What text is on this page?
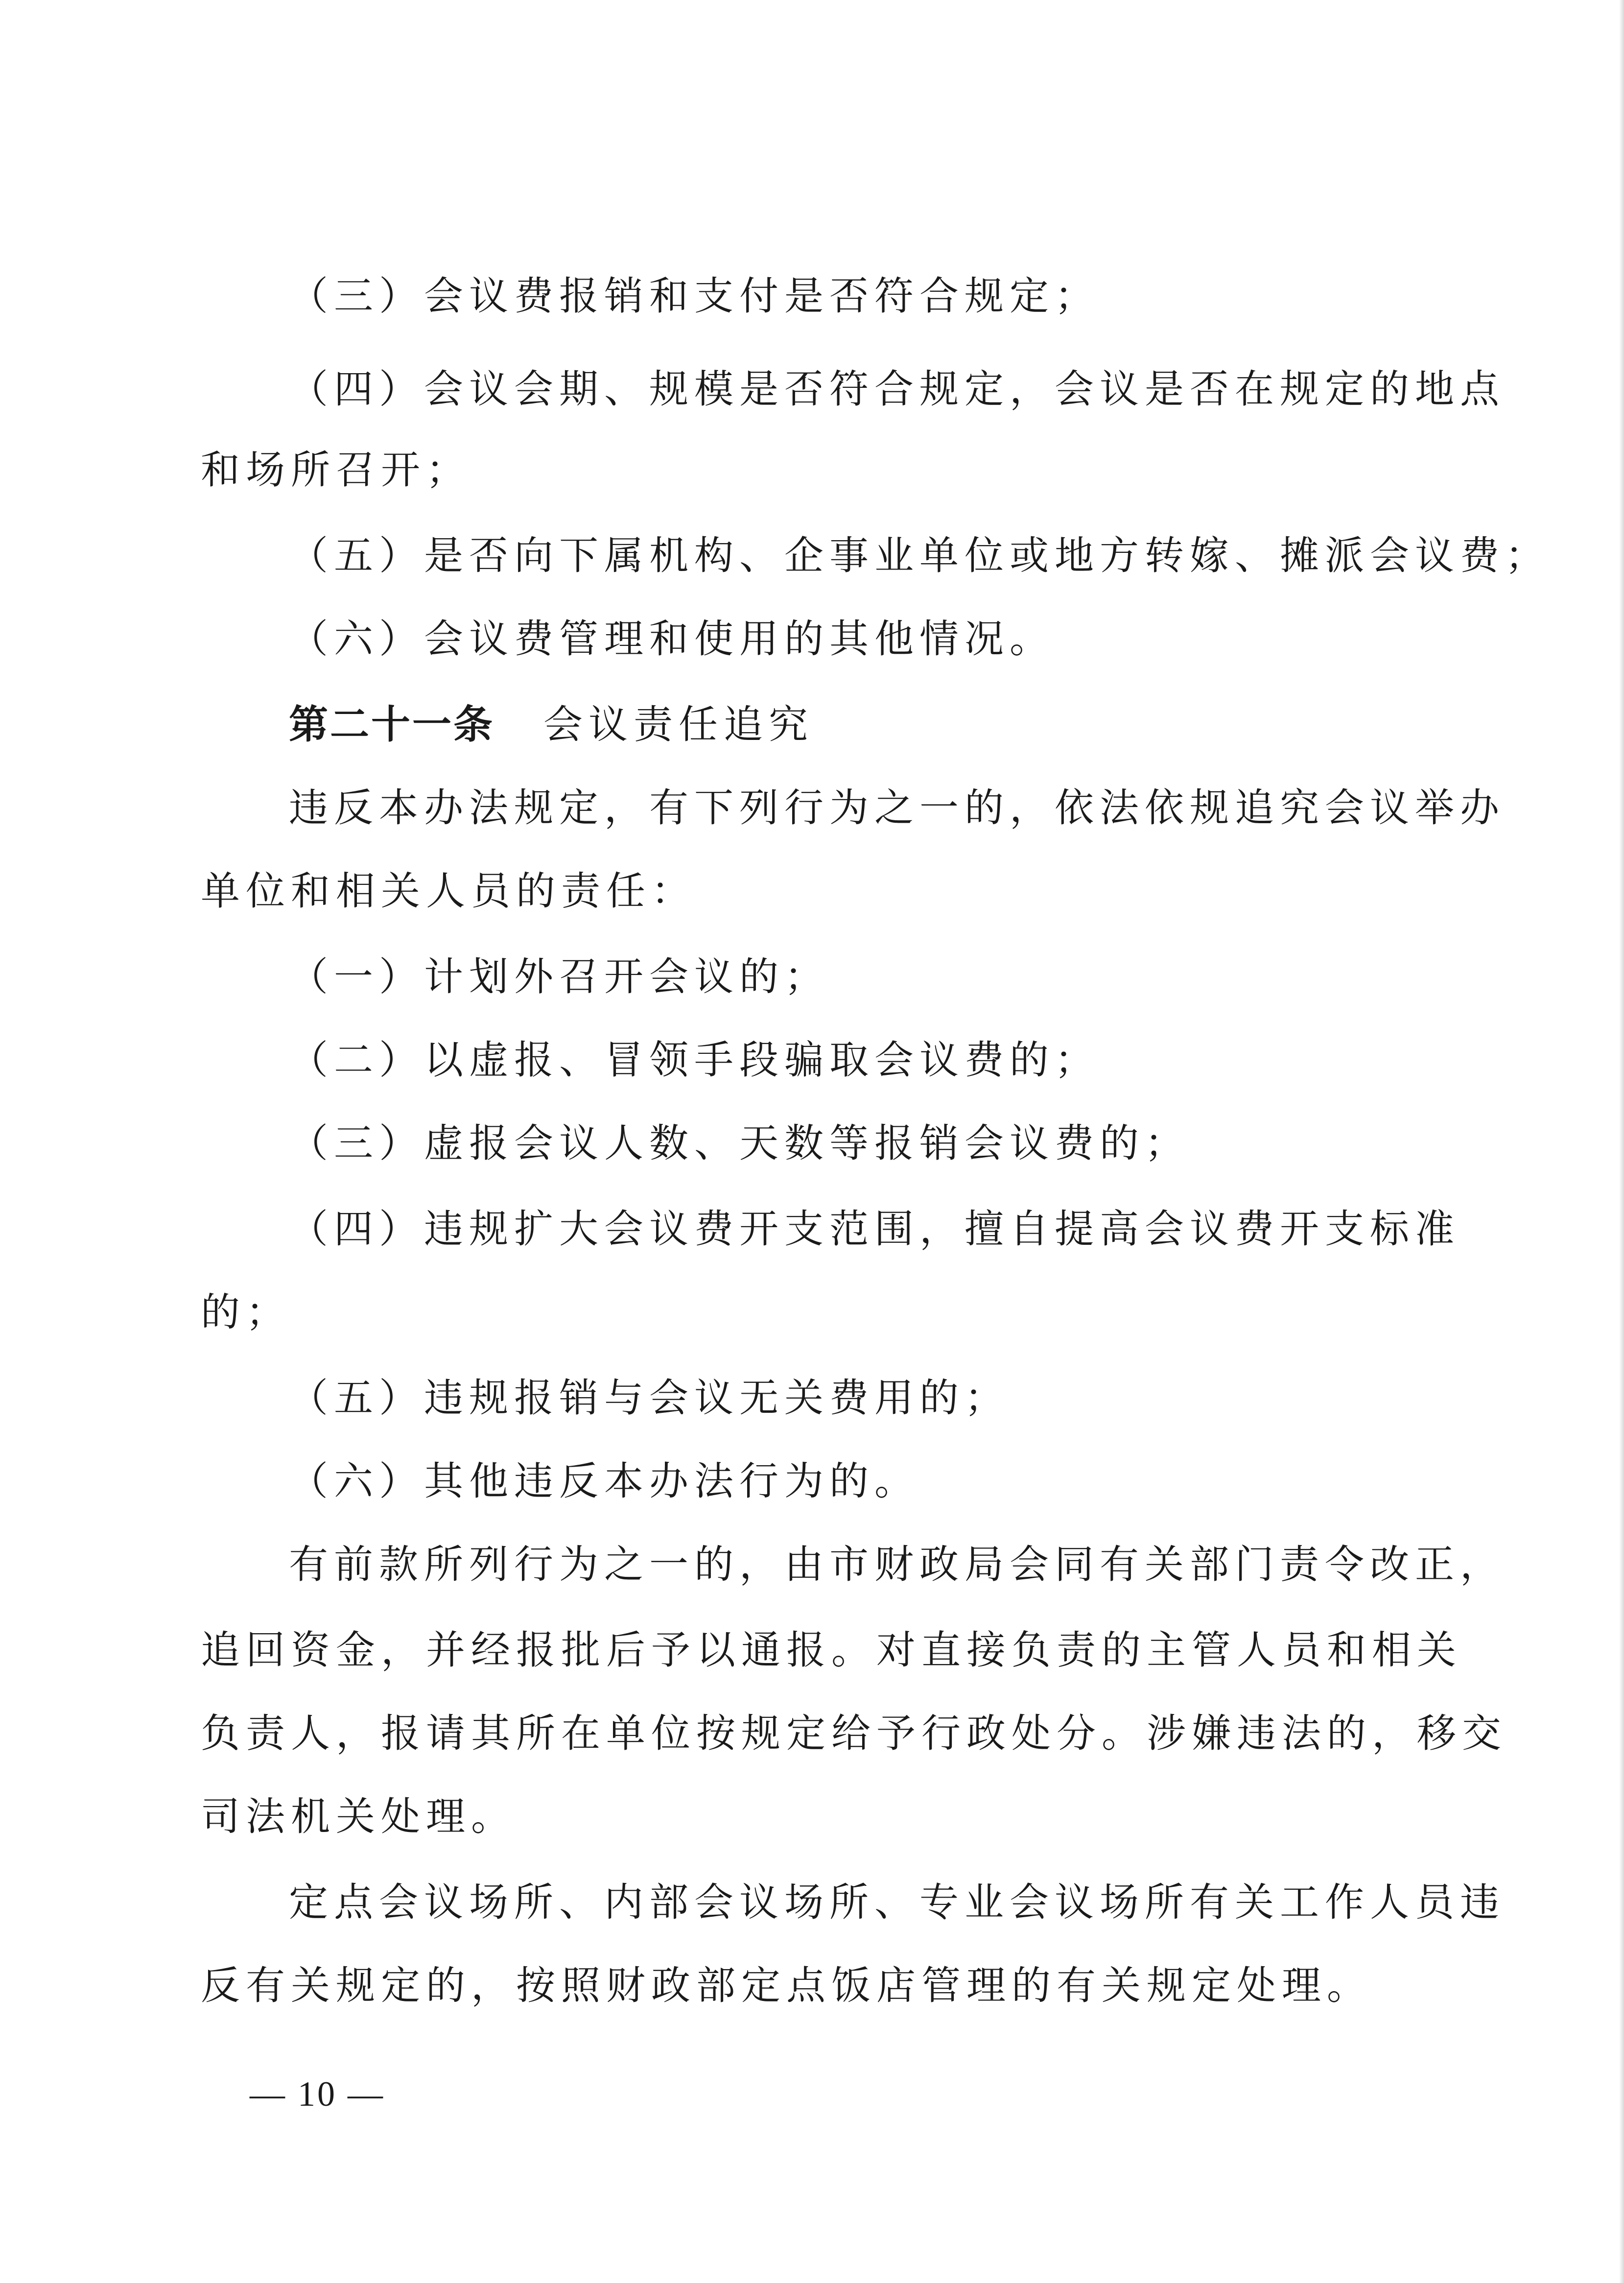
（三）会议费报销和支付是否符合规定；
（四）会议会期、规模是否符合规定，会议是否在规定的地点
和场所召开；
（五）是否向下属机构、企事业单位或地方转嫁、摊派会议费；
（六）会议费管理和使用的其他情况。
第二十一条 会议责任追究
违反本办法规定，有下列行为之一的，依法依规追究会议举办
单位和相关人员的责任：
（一）计划外召开会议的；
（二）以虚报、冒领手段骗取会议费的；
（三）虚报会议人数、天数等报销会议费的；
（四）违规扩大会议费开支范围，擅自提高会议费开支标准
的；
（五）违规报销与会议无关费用的；
（六）其他违反本办法行为的。
有前款所列行为之一的，由市财政局会同有关部门责令改正，
追回资金，并经报批后予以通报。对直接负责的主管人员和相关
负责人，报请其所在单位按规定给予行政处分。涉嫌违法的，移交
司法机关处理。
定点会议场所、内部会议场所、专业会议场所有关工作人员违
反有关规定的，按照财政部定点饭店管理的有关规定处理。
— 10 —
